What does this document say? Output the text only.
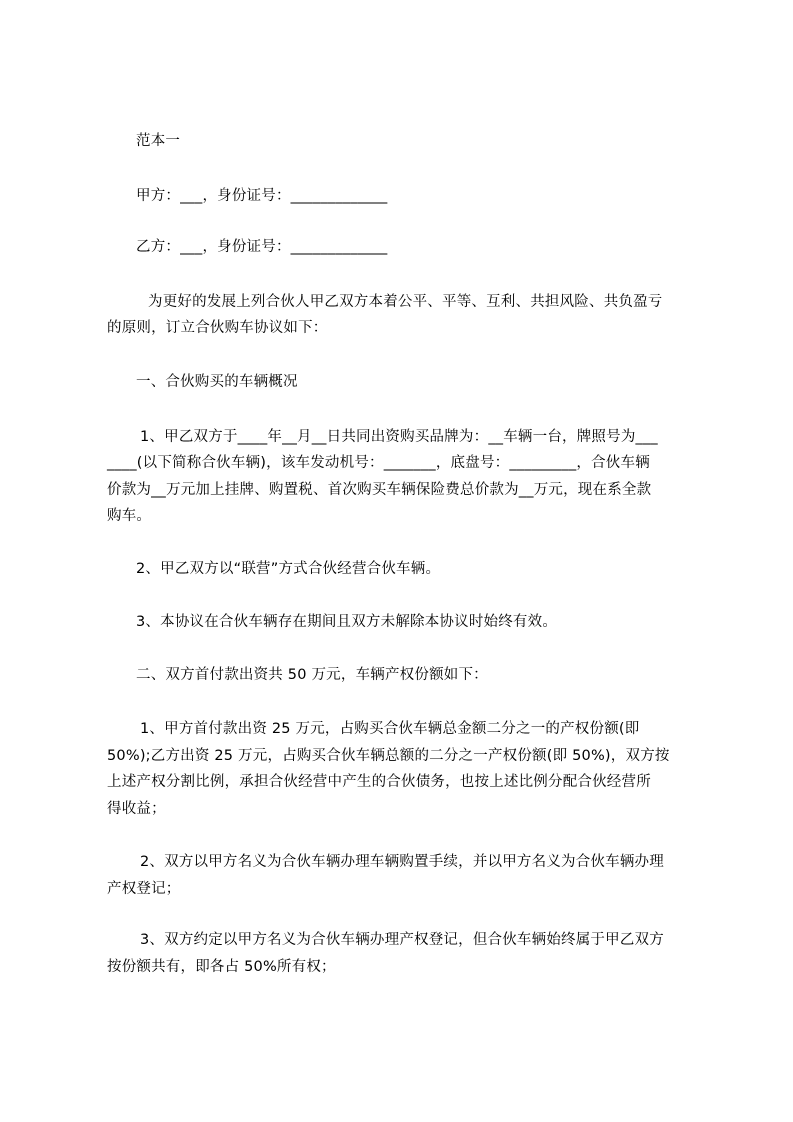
范本一
甲方：___，身份证号：_____________
乙方：___，身份证号：_____________
为更好的发展上列合伙人甲乙双方本着公平、平等、互利、共担风险、共负盈亏
的原则，订立合伙购车协议如下：
一、合伙购买的车辆概况
1、甲乙双方于____年__月__日共同出资购买品牌为：__车辆一台，牌照号为___
____(以下简称合伙车辆)，该车发动机号：_______，底盘号：_________，合伙车辆
价款为__万元加上挂牌、购置税、首次购买车辆保险费总价款为__万元，现在系全款
购车。
2、甲乙双方以“联营”方式合伙经营合伙车辆。
3、本协议在合伙车辆存在期间且双方未解除本协议时始终有效。
二、双方首付款出资共 50 万元，车辆产权份额如下：
1、甲方首付款出资 25 万元，占购买合伙车辆总金额二分之一的产权份额(即
50%);乙方出资 25 万元，占购买合伙车辆总额的二分之一产权份额(即 50%)，双方按
上述产权分割比例，承担合伙经营中产生的合伙债务，也按上述比例分配合伙经营所
得收益；
2、双方以甲方名义为合伙车辆办理车辆购置手续，并以甲方名义为合伙车辆办理
产权登记；
3、双方约定以甲方名义为合伙车辆办理产权登记，但合伙车辆始终属于甲乙双方
按份额共有，即各占 50%所有权；
